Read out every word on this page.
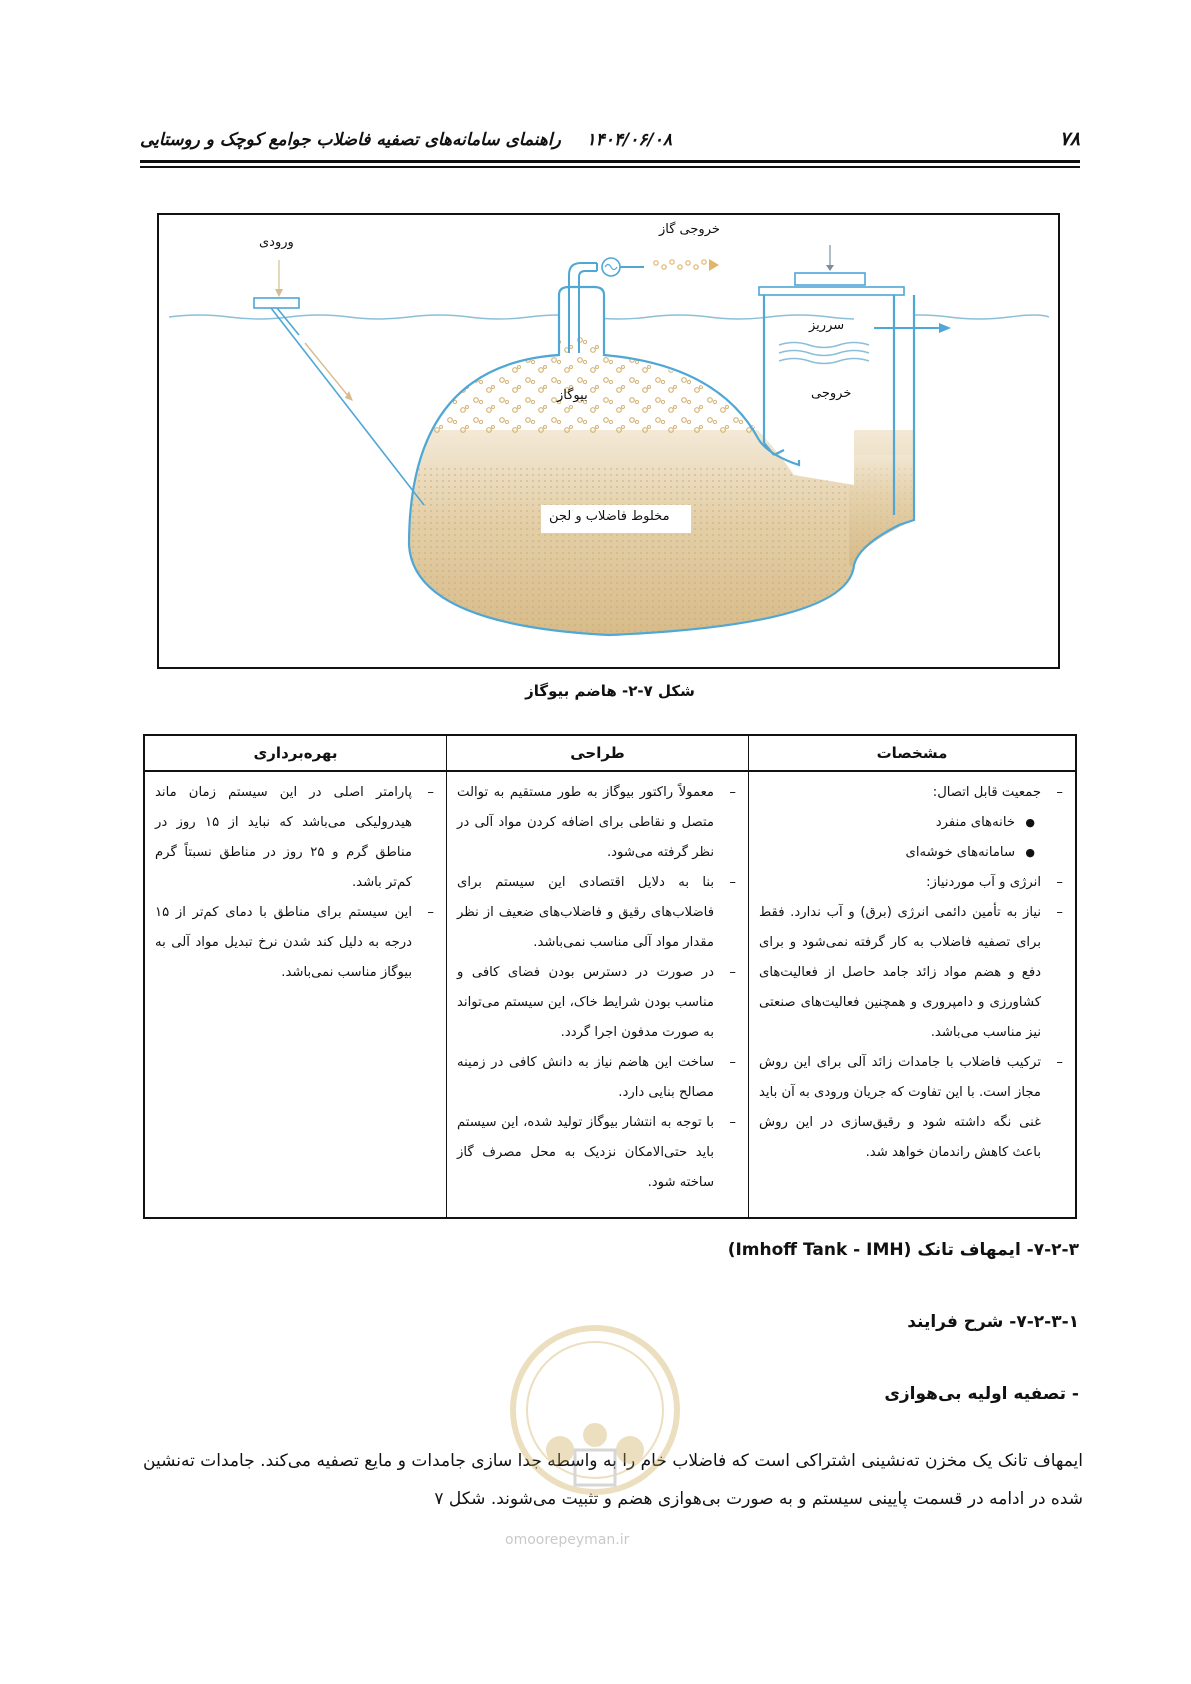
۷۸
۱۴۰۴/۰۶/۰۸
راهنمای سامانه‌های تصفیه فاضلاب جوامع کوچک و روستایی
ورودی
خروجی گاز
سرریز
خروجی
بیوگاز
مخلوط فاضلاب و لجن
شکل ۷-۲- هاضم بیوگاز
مشخصات
– جمعیت قابل اتصال:
● خانه‌های منفرد
● سامانه‌های خوشه‌ای
– انرژی و آب موردنیاز:
– نیاز به تأمین دائمی انرژی (برق) و آب ندارد. فقط برای تصفیه فاضلاب به کار گرفته نمی‌شود و برای دفع و هضم مواد زائد جامد حاصل از فعالیت‌های کشاورزی و دامپروری و همچنین فعالیت‌های صنعتی نیز مناسب می‌باشد.
– ترکیب فاضلاب با جامدات زائد آلی برای این روش مجاز است. با این تفاوت که جریان ورودی به آن باید غنی نگه داشته شود و رقیق‌سازی در این روش باعث کاهش راندمان خواهد شد.
طراحی
– معمولاً راکتور بیوگاز به طور مستقیم به توالت متصل و نقاطی برای اضافه کردن مواد آلی در نظر گرفته می‌شود.
– بنا به دلایل اقتصادی این سیستم برای فاضلاب‌های رقیق و فاضلاب‌های ضعیف از نظر مقدار مواد آلی مناسب نمی‌باشد.
– در صورت در دسترس بودن فضای کافی و مناسب بودن شرایط خاک، این سیستم می‌تواند به صورت مدفون اجرا گردد.
– ساخت این هاضم نیاز به دانش کافی در زمینه مصالح بنایی دارد.
– با توجه به انتشار بیوگاز تولید شده، این سیستم باید حتی‌الامکان نزدیک به محل مصرف گاز ساخته شود.
بهره‌برداری
– پارامتر اصلی در این سیستم زمان ماند هیدرولیکی می‌باشد که نباید از ۱۵ روز در مناطق گرم و ۲۵ روز در مناطق نسبتاً گرم کم‌تر باشد.
– این سیستم برای مناطق با دمای کم‌تر از ۱۵ درجه به دلیل کند شدن نرخ تبدیل مواد آلی به بیوگاز مناسب نمی‌باشد.
۷-۲-۳- ایمهاف تانک (Imhoff Tank - IMH)
۷-۲-۳-۱- شرح فرایند
- تصفیه اولیه بی‌هوازی
ایمهاف تانک یک مخزن ته‌نشینی اشتراکی است که فاضلاب خام را به واسطه جدا سازی جامدات و مایع تصفیه می‌کند. جامدات ته‌نشین شده در ادامه در قسمت پایینی سیستم و به صورت بی‌هوازی هضم و تثبیت می‌شوند. شکل ۷
omoorepeyman.ir
